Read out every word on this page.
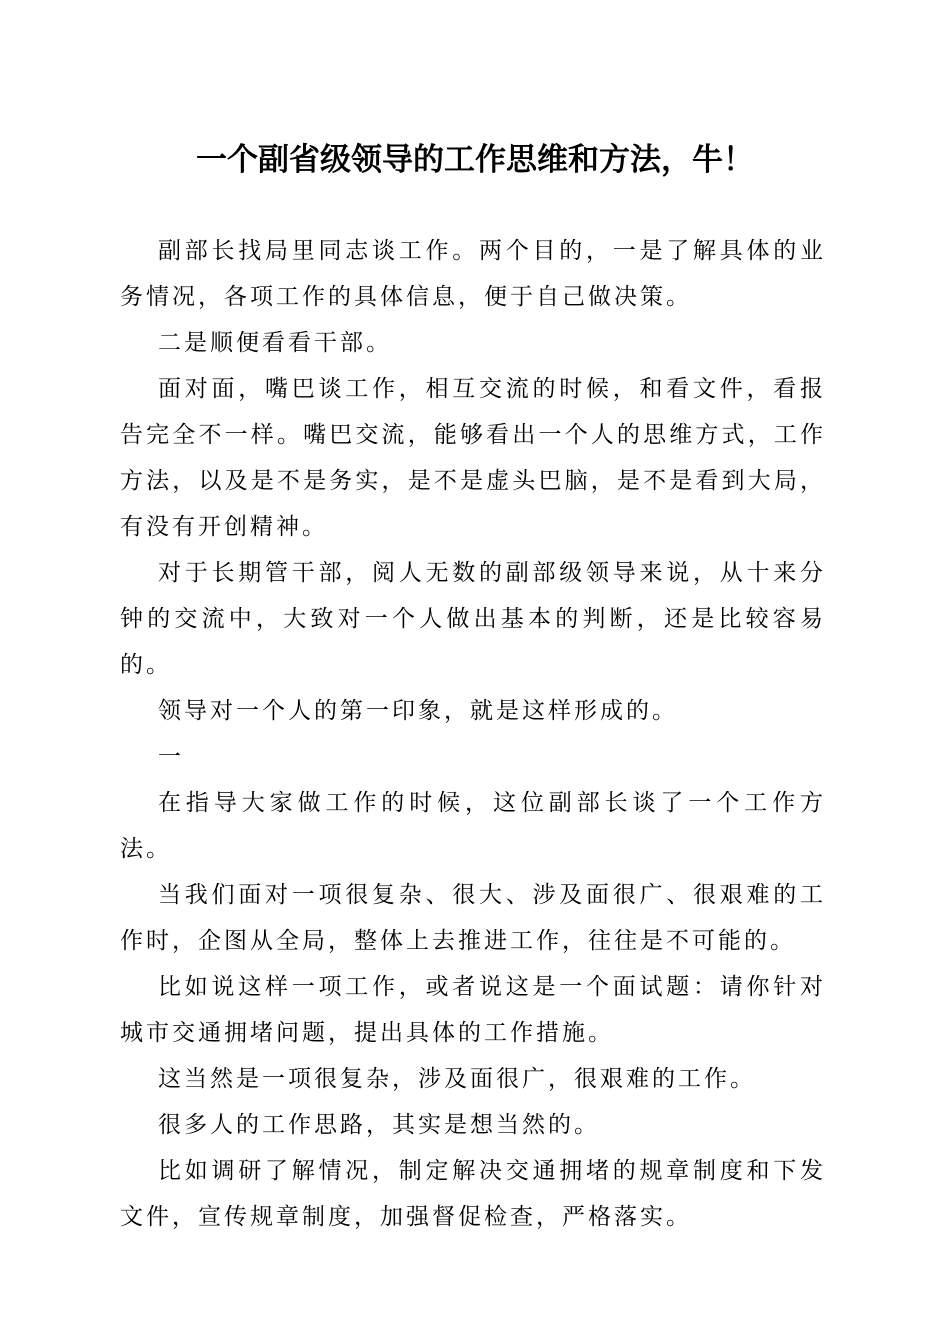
一个副省级领导的工作思维和方法，牛！

副部长找局里同志谈工作。两个目的，一是了解具体的业务情况，各项工作的具体信息，便于自己做决策。

二是顺便看看干部。

面对面，嘴巴谈工作，相互交流的时候，和看文件，看报告完全不一样。嘴巴交流，能够看出一个人的思维方式，工作方法，以及是不是务实，是不是虚头巴脑，是不是看到大局，有没有开创精神。

对于长期管干部，阅人无数的副部级领导来说，从十来分钟的交流中，大致对一个人做出基本的判断，还是比较容易的。

领导对一个人的第一印象，就是这样形成的。

一

在指导大家做工作的时候，这位副部长谈了一个工作方法。

当我们面对一项很复杂、很大、涉及面很广、很艰难的工作时，企图从全局，整体上去推进工作，往往是不可能的。

比如说这样一项工作，或者说这是一个面试题：请你针对城市交通拥堵问题，提出具体的工作措施。

这当然是一项很复杂，涉及面很广，很艰难的工作。

很多人的工作思路，其实是想当然的。

比如调研了解情况，制定解决交通拥堵的规章制度和下发文件，宣传规章制度，加强督促检查，严格落实。
